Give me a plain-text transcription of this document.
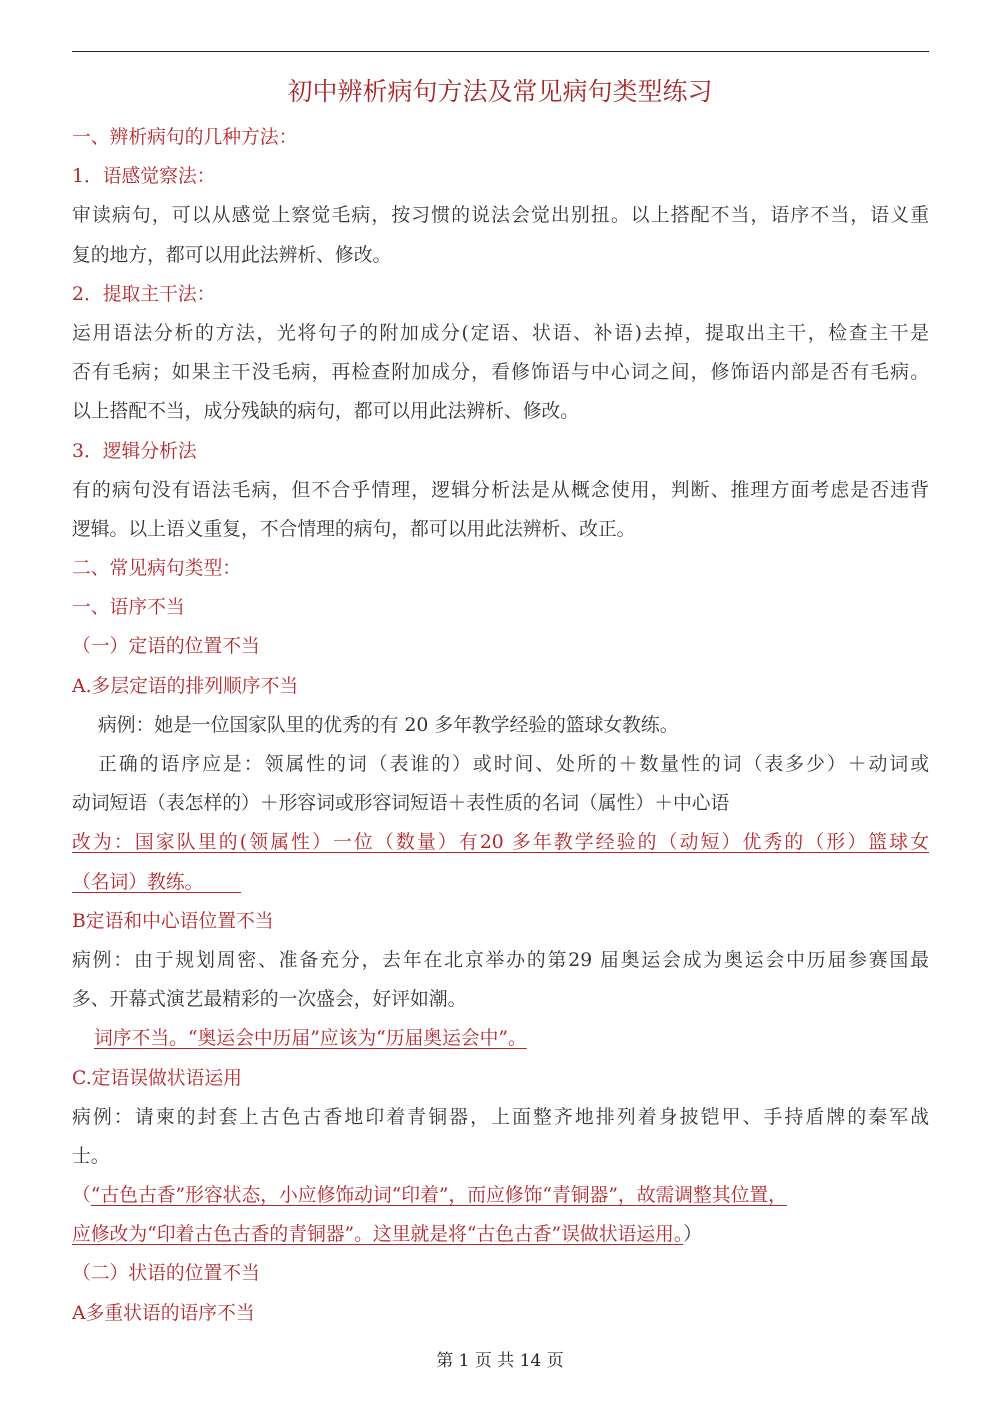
初中辨析病句方法及常见病句类型练习
一、辨析病句的几种方法：
1．语感觉察法：
审读病句，可以从感觉上察觉毛病，按习惯的说法会觉出别扭。以上搭配不当，语序不当，语义重
复的地方，都可以用此法辨析、修改。
2．提取主干法：
运用语法分析的方法，光将句子的附加成分(定语、状语、补语)去掉，提取出主干，检查主干是
否有毛病；如果主干没毛病，再检查附加成分，看修饰语与中心词之间，修饰语内部是否有毛病。
以上搭配不当，成分残缺的病句，都可以用此法辨析、修改。
3．逻辑分析法
有的病句没有语法毛病，但不合乎情理，逻辑分析法是从概念使用，判断、推理方面考虑是否违背
逻辑。以上语义重复，不合情理的病句，都可以用此法辨析、改正。
二、常见病句类型：
一、语序不当
（一）定语的位置不当
A.多层定语的排列顺序不当
病例：她是一位国家队里的优秀的有 20 多年教学经验的篮球女教练。
正确的语序应是：领属性的词（表谁的）或时间、处所的＋数量性的词（表多少）＋动词或
动词短语（表怎样的）＋形容词或形容词短语＋表性质的名词（属性）＋中心语
改为：国家队里的(领属性）一位（数量）有20 多年教学经验的（动短）优秀的（形）篮球女
（名词）教练。  
B定语和中心语位置不当
病例：由于规划周密、准备充分，去年在北京举办的第29 届奥运会成为奥运会中历届参赛国最
多、开幕式演艺最精彩的一次盛会，好评如潮。
词序不当。“奥运会中历届”应该为“历届奥运会中”。
C.定语误做状语运用
病例：请柬的封套上古色古香地印着青铜器，上面整齐地排列着身披铠甲、手持盾牌的秦军战
士。
（“古色古香”形容状态，小应修饰动词“印着”，而应修饰“青铜器”，故需调整其位置，
应修改为“印着古色古香的青铜器”。这里就是将“古色古香”误做状语运用。）
（二）状语的位置不当
A多重状语的语序不当
第 1 页 共 14 页
